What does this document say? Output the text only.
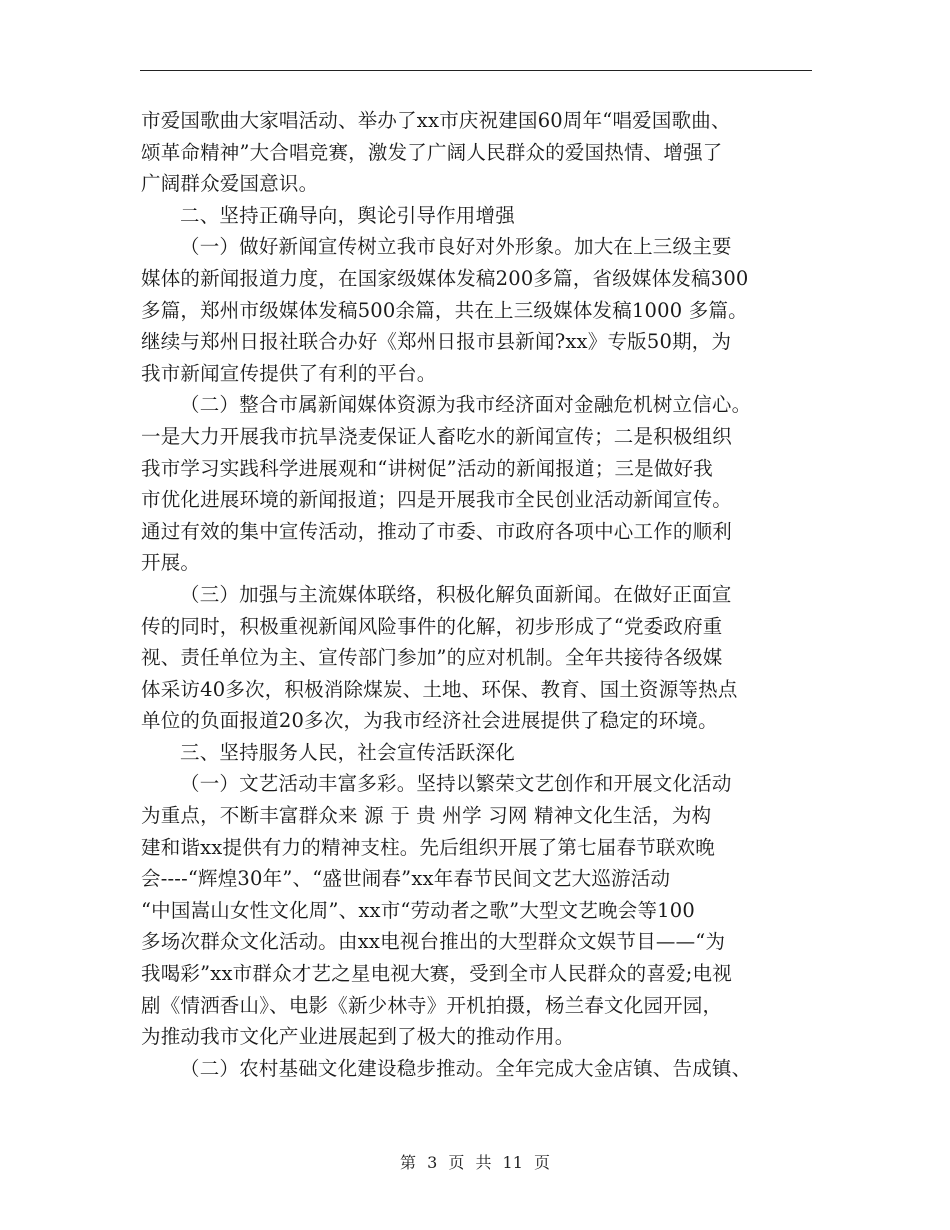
市爱国歌曲大家唱活动、举办了xx市庆祝建国60周年“唱爱国歌曲、
颂革命精神”大合唱竞赛，激发了广阔人民群众的爱国热情、增强了
广阔群众爱国意识。
二、坚持正确导向，舆论引导作用增强
（一）做好新闻宣传树立我市良好对外形象。加大在上三级主要
媒体的新闻报道力度，在国家级媒体发稿200多篇，省级媒体发稿300
多篇，郑州市级媒体发稿500余篇，共在上三级媒体发稿1000 多篇。
继续与郑州日报社联合办好《郑州日报市县新闻?xx》专版50期，为
我市新闻宣传提供了有利的平台。
（二）整合市属新闻媒体资源为我市经济面对金融危机树立信心。
一是大力开展我市抗旱浇麦保证人畜吃水的新闻宣传；二是积极组织
我市学习实践科学进展观和“讲树促”活动的新闻报道；三是做好我
市优化进展环境的新闻报道；四是开展我市全民创业活动新闻宣传。
通过有效的集中宣传活动，推动了市委、市政府各项中心工作的顺利
开展。
（三）加强与主流媒体联络，积极化解负面新闻。在做好正面宣
传的同时，积极重视新闻风险事件的化解，初步形成了“党委政府重
视、责任单位为主、宣传部门参加”的应对机制。全年共接待各级媒
体采访40多次，积极消除煤炭、土地、环保、教育、国土资源等热点
单位的负面报道20多次，为我市经济社会进展提供了稳定的环境。
三、坚持服务人民，社会宣传活跃深化
（一）文艺活动丰富多彩。坚持以繁荣文艺创作和开展文化活动
为重点，不断丰富群众来 源 于 贵 州学 习网 精神文化生活，为构
建和谐xx提供有力的精神支柱。先后组织开展了第七届春节联欢晚
会----“辉煌30年”、“盛世闹春”xx年春节民间文艺大巡游活动
“中国嵩山女性文化周”、xx市“劳动者之歌”大型文艺晚会等100
多场次群众文化活动。由xx电视台推出的大型群众文娱节目——“为
我喝彩”xx市群众才艺之星电视大赛，受到全市人民群众的喜爱;电视
剧《情洒香山》、电影《新少林寺》开机拍摄，杨兰春文化园开园，
为推动我市文化产业进展起到了极大的推动作用。
（二）农村基础文化建设稳步推动。全年完成大金店镇、告成镇、
第 3 页 共 11 页
